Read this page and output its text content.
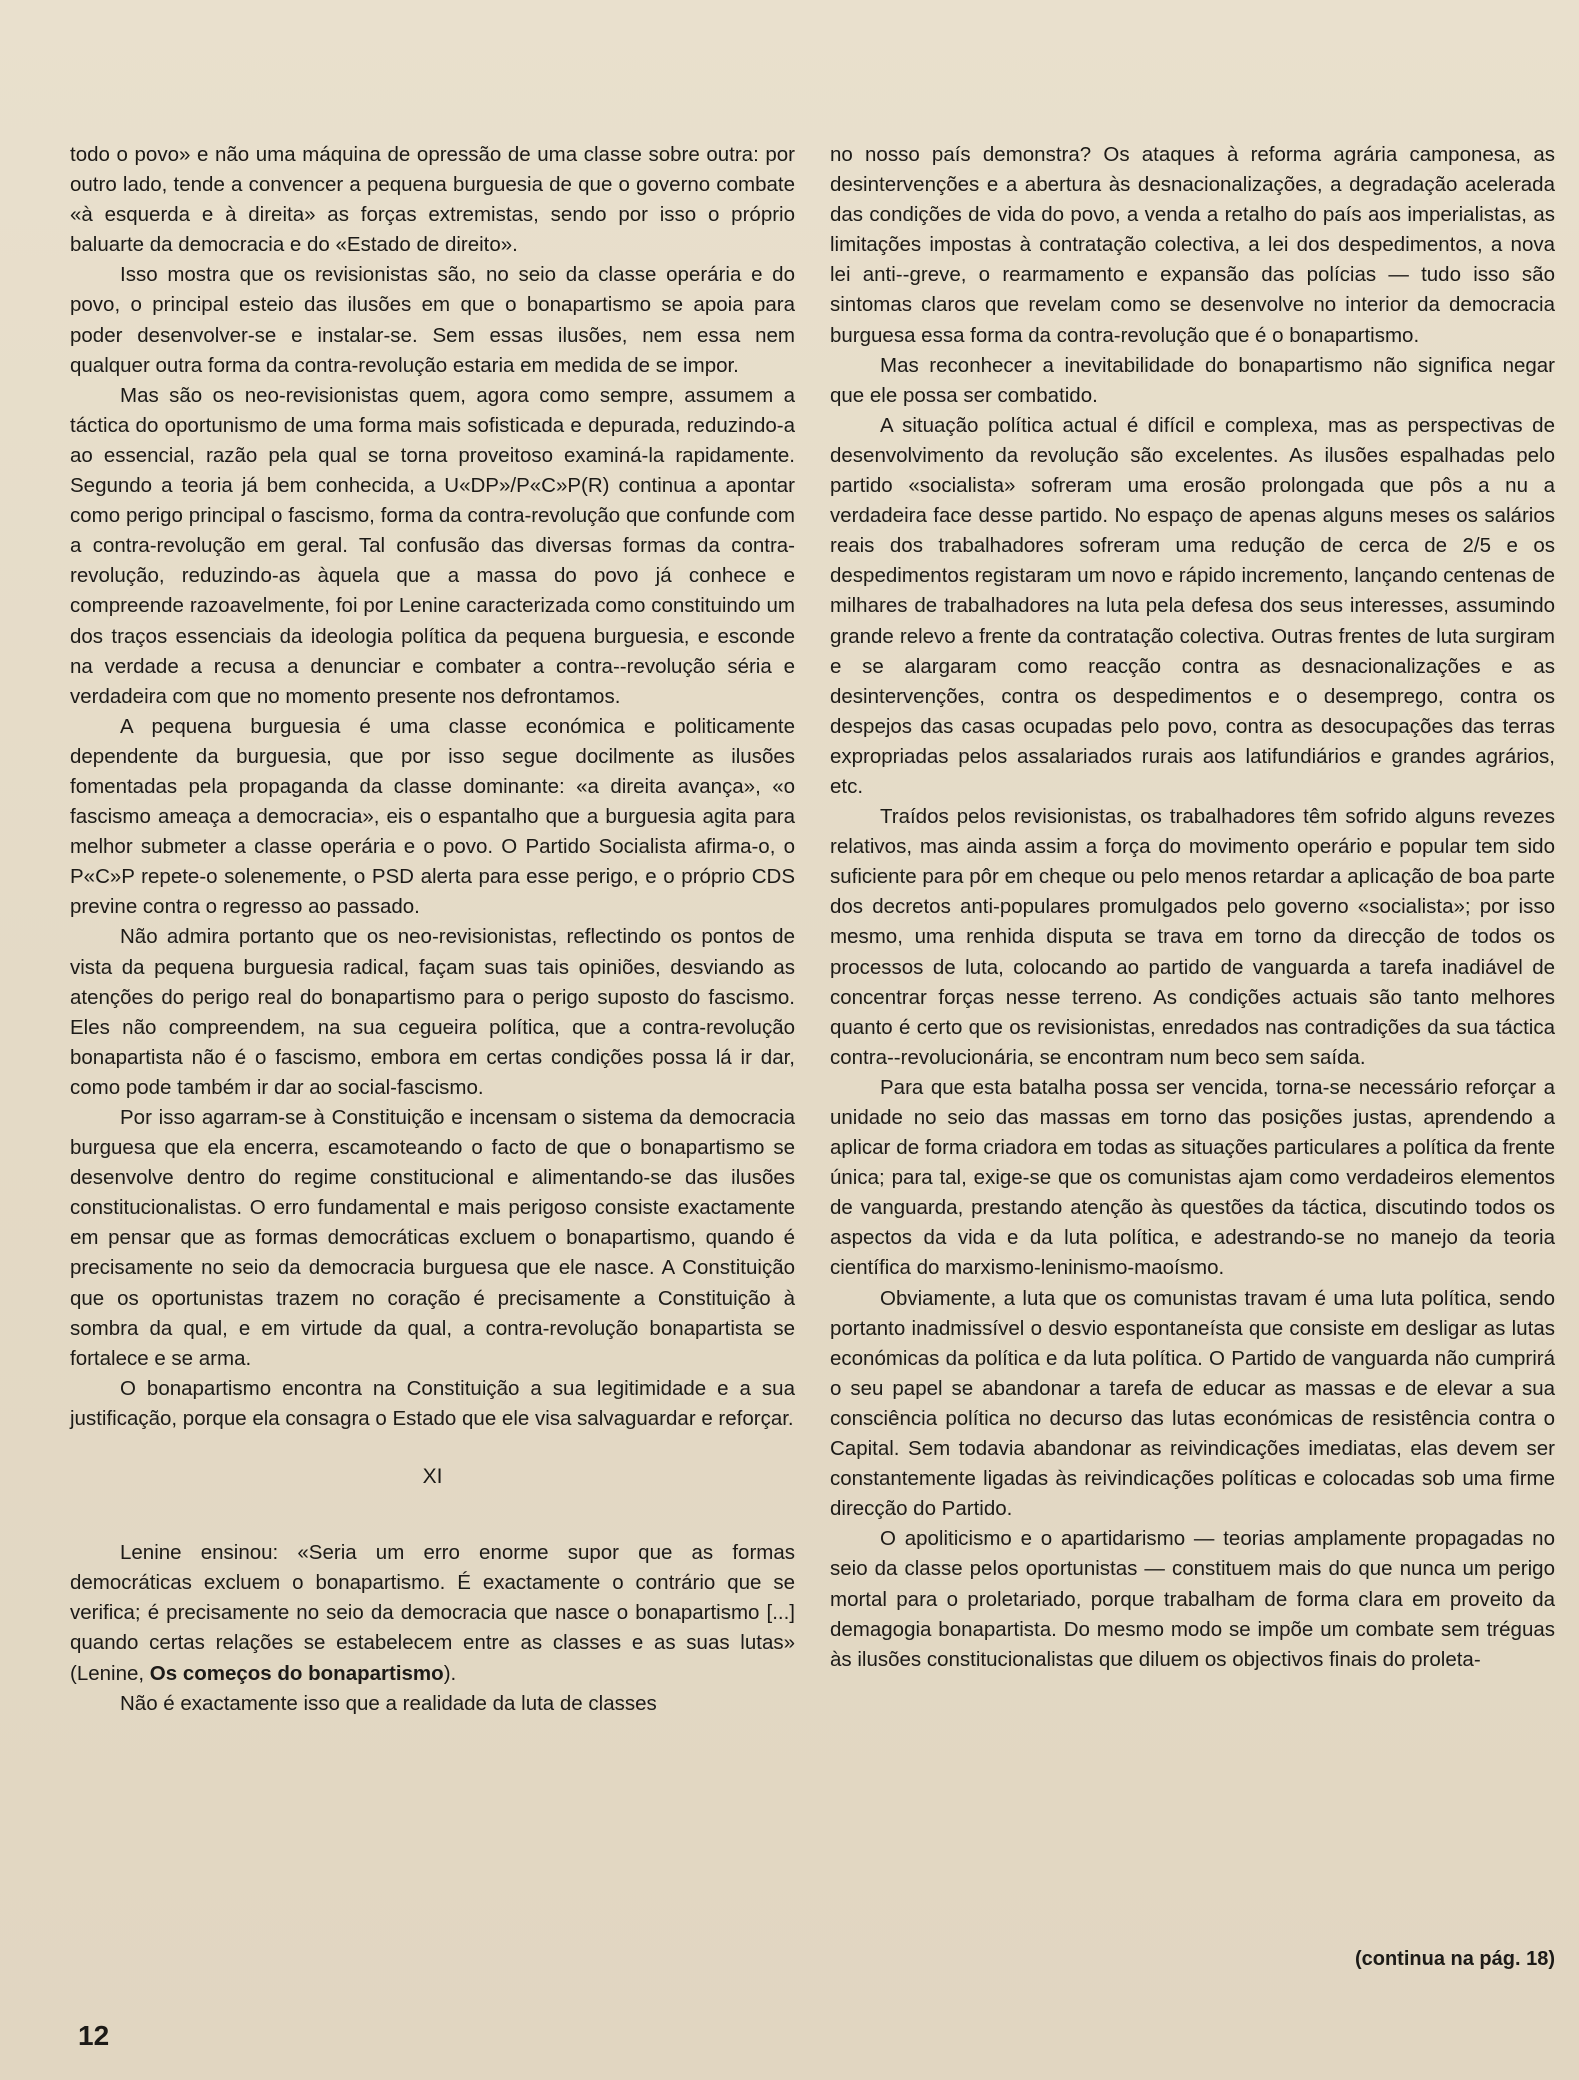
todo o povo» e não uma máquina de opressão de uma classe sobre outra: por outro lado, tende a convencer a pequena burguesia de que o governo combate «à esquerda e à direita» as forças extremistas, sendo por isso o próprio baluarte da democracia e do «Estado de direito».

Isso mostra que os revisionistas são, no seio da classe operária e do povo, o principal esteio das ilusões em que o bonapartismo se apoia para poder desenvolver-se e instalar-se. Sem essas ilusões, nem essa nem qualquer outra forma da contra-revolução estaria em medida de se impor.

Mas são os neo-revisionistas quem, agora como sempre, assumem a táctica do oportunismo de uma forma mais sofisticada e depurada, reduzindo-a ao essencial, razão pela qual se torna proveitoso examiná-la rapidamente. Segundo a teoria já bem conhecida, a U«DP»/P«C»P(R) continua a apontar como perigo principal o fascismo, forma da contra-revolução que confunde com a contra-revolução em geral. Tal confusão das diversas formas da contra-revolução, reduzindo-as àquela que a massa do povo já conhece e compreende razoavelmente, foi por Lenine caracterizada como constituindo um dos traços essenciais da ideologia política da pequena burguesia, e esconde na verdade a recusa a denunciar e combater a contra--revolução séria e verdadeira com que no momento presente nos defrontamos.

A pequena burguesia é uma classe económica e politicamente dependente da burguesia, que por isso segue docilmente as ilusões fomentadas pela propaganda da classe dominante: «a direita avança», «o fascismo ameaça a democracia», eis o espantalho que a burguesia agita para melhor submeter a classe operária e o povo. O Partido Socialista afirma-o, o P«C»P repete-o solenemente, o PSD alerta para esse perigo, e o próprio CDS previne contra o regresso ao passado.

Não admira portanto que os neo-revisionistas, reflectindo os pontos de vista da pequena burguesia radical, façam suas tais opiniões, desviando as atenções do perigo real do bonapartismo para o perigo suposto do fascismo. Eles não compreendem, na sua cegueira política, que a contra-revolução bonapartista não é o fascismo, embora em certas condições possa lá ir dar, como pode também ir dar ao social-fascismo.

Por isso agarram-se à Constituição e incensam o sistema da democracia burguesa que ela encerra, escamoteando o facto de que o bonapartismo se desenvolve dentro do regime constitucional e alimentando-se das ilusões constitucionalistas. O erro fundamental e mais perigoso consiste exactamente em pensar que as formas democráticas excluem o bonapartismo, quando é precisamente no seio da democracia burguesa que ele nasce. A Constituição que os oportunistas trazem no coração é precisamente a Constituição à sombra da qual, e em virtude da qual, a contra-revolução bonapartista se fortalece e se arma.

O bonapartismo encontra na Constituição a sua legitimidade e a sua justificação, porque ela consagra o Estado que ele visa salvaguardar e reforçar.

XI

Lenine ensinou: «Seria um erro enorme supor que as formas democráticas excluem o bonapartismo. É exactamente o contrário que se verifica; é precisamente no seio da democracia que nasce o bonapartismo [...] quando certas relações se estabelecem entre as classes e as suas lutas» (Lenine, Os começos do bonapartismo).

Não é exactamente isso que a realidade da luta de classes

no nosso país demonstra? Os ataques à reforma agrária camponesa, as desintervenções e a abertura às desnacionalizações, a degradação acelerada das condições de vida do povo, a venda a retalho do país aos imperialistas, as limitações impostas à contratação colectiva, a lei dos despedimentos, a nova lei anti--greve, o rearmamento e expansão das polícias — tudo isso são sintomas claros que revelam como se desenvolve no interior da democracia burguesa essa forma da contra-revolução que é o bonapartismo.

Mas reconhecer a inevitabilidade do bonapartismo não significa negar que ele possa ser combatido.

A situação política actual é difícil e complexa, mas as perspectivas de desenvolvimento da revolução são excelentes. As ilusões espalhadas pelo partido «socialista» sofreram uma erosão prolongada que pôs a nu a verdadeira face desse partido. No espaço de apenas alguns meses os salários reais dos trabalhadores sofreram uma redução de cerca de 2/5 e os despedimentos registaram um novo e rápido incremento, lançando centenas de milhares de trabalhadores na luta pela defesa dos seus interesses, assumindo grande relevo a frente da contratação colectiva. Outras frentes de luta surgiram e se alargaram como reacção contra as desnacionalizações e as desintervenções, contra os despedimentos e o desemprego, contra os despejos das casas ocupadas pelo povo, contra as desocupações das terras expropriadas pelos assalariados rurais aos latifundiários e grandes agrários, etc.

Traídos pelos revisionistas, os trabalhadores têm sofrido alguns revezes relativos, mas ainda assim a força do movimento operário e popular tem sido suficiente para pôr em cheque ou pelo menos retardar a aplicação de boa parte dos decretos anti-populares promulgados pelo governo «socialista»; por isso mesmo, uma renhida disputa se trava em torno da direcção de todos os processos de luta, colocando ao partido de vanguarda a tarefa inadiável de concentrar forças nesse terreno. As condições actuais são tanto melhores quanto é certo que os revisionistas, enredados nas contradições da sua táctica contra--revolucionária, se encontram num beco sem saída.

Para que esta batalha possa ser vencida, torna-se necessário reforçar a unidade no seio das massas em torno das posições justas, aprendendo a aplicar de forma criadora em todas as situações particulares a política da frente única; para tal, exige-se que os comunistas ajam como verdadeiros elementos de vanguarda, prestando atenção às questões da táctica, discutindo todos os aspectos da vida e da luta política, e adestrando-se no manejo da teoria científica do marxismo-leninismo-maoísmo.

Obviamente, a luta que os comunistas travam é uma luta política, sendo portanto inadmissível o desvio espontaneísta que consiste em desligar as lutas económicas da política e da luta política. O Partido de vanguarda não cumprirá o seu papel se abandonar a tarefa de educar as massas e de elevar a sua consciência política no decurso das lutas económicas de resistência contra o Capital. Sem todavia abandonar as reivindicações imediatas, elas devem ser constantemente ligadas às reivindicações políticas e colocadas sob uma firme direcção do Partido.

O apoliticismo e o apartidarismo — teorias amplamente propagadas no seio da classe pelos oportunistas — constituem mais do que nunca um perigo mortal para o proletariado, porque trabalham de forma clara em proveito da demagogia bonapartista. Do mesmo modo se impõe um combate sem tréguas às ilusões constitucionalistas que diluem os objectivos finais do proleta-

(continua na pág. 18)
12
